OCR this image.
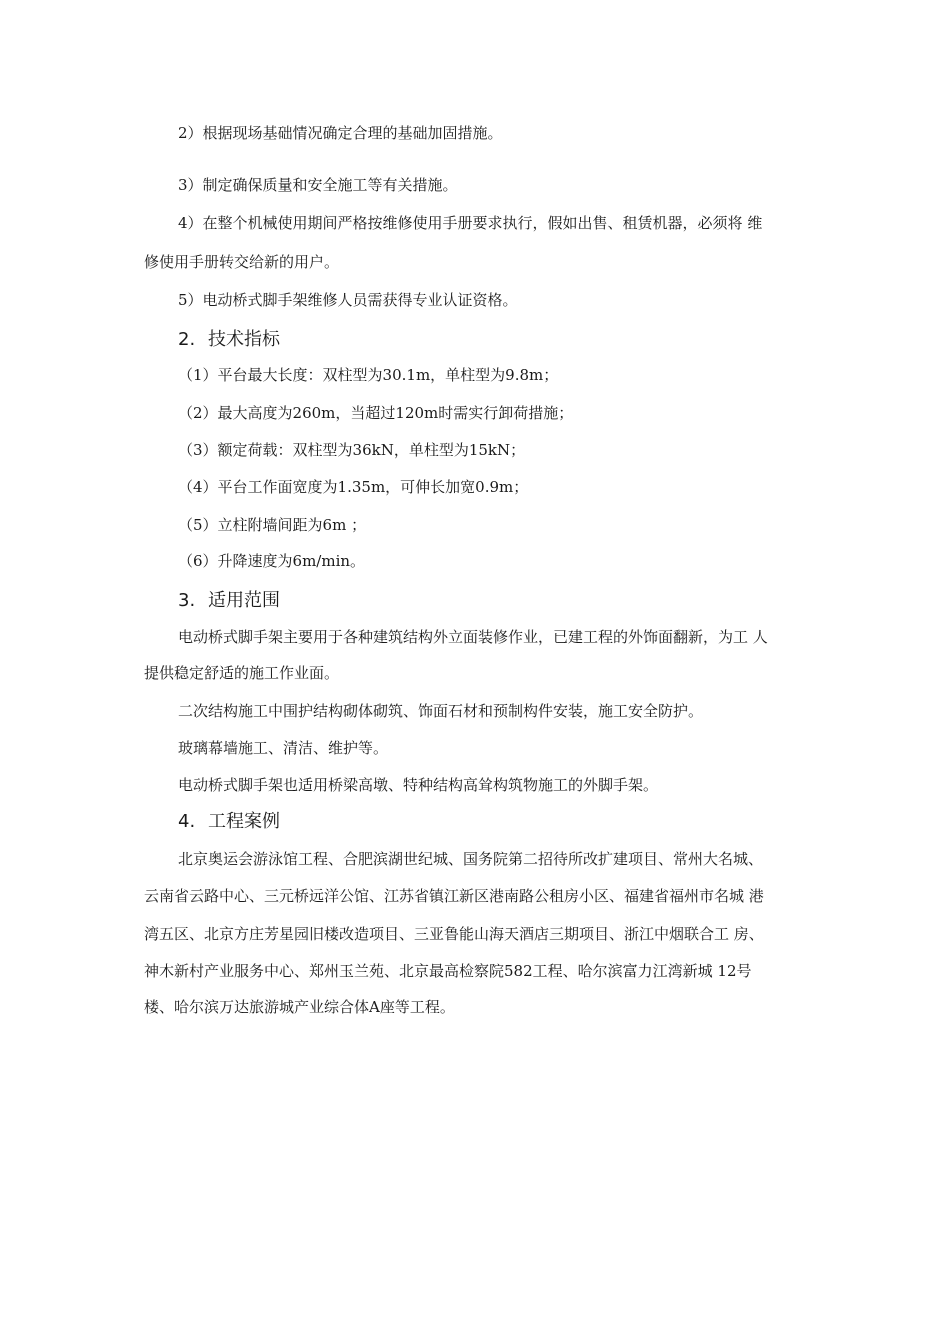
2）根据现场基础情况确定合理的基础加固措施。
3）制定确保质量和安全施工等有关措施。
4）在整个机械使用期间严格按维修使用手册要求执行，假如出售、租赁机器，必须将 维
修使用手册转交给新的用户。
5）电动桥式脚手架维修人员需获得专业认证资格。
2. 技术指标
（1）平台最大长度：双柱型为30.1m，单柱型为9.8m；
（2）最大高度为260m，当超过120m时需实行卸荷措施；
（3）额定荷载：双柱型为36kN，单柱型为15kN；
（4）平台工作面宽度为1.35m，可伸长加宽0.9m；
（5）立柱附墙间距为6m ；
（6）升降速度为6m/min。
3. 适用范围
电动桥式脚手架主要用于各种建筑结构外立面装修作业，已建工程的外饰面翻新，为工 人
提供稳定舒适的施工作业面。
二次结构施工中围护结构砌体砌筑、饰面石材和预制构件安装，施工安全防护。
玻璃幕墙施工、清洁、维护等。
电动桥式脚手架也适用桥梁高墩、特种结构高耸构筑物施工的外脚手架。
4. 工程案例
北京奥运会游泳馆工程、合肥滨湖世纪城、国务院第二招待所改扩建项目、常州大名城、
云南省云路中心、三元桥远洋公馆、江苏省镇江新区港南路公租房小区、福建省福州市名城 港
湾五区、北京方庄芳星园旧楼改造项目、三亚鲁能山海天酒店三期项目、浙江中烟联合工 房、
神木新村产业服务中心、郑州玉兰苑、北京最高检察院582工程、哈尔滨富力江湾新城 12号
楼、哈尔滨万达旅游城产业综合体A座等工程。
